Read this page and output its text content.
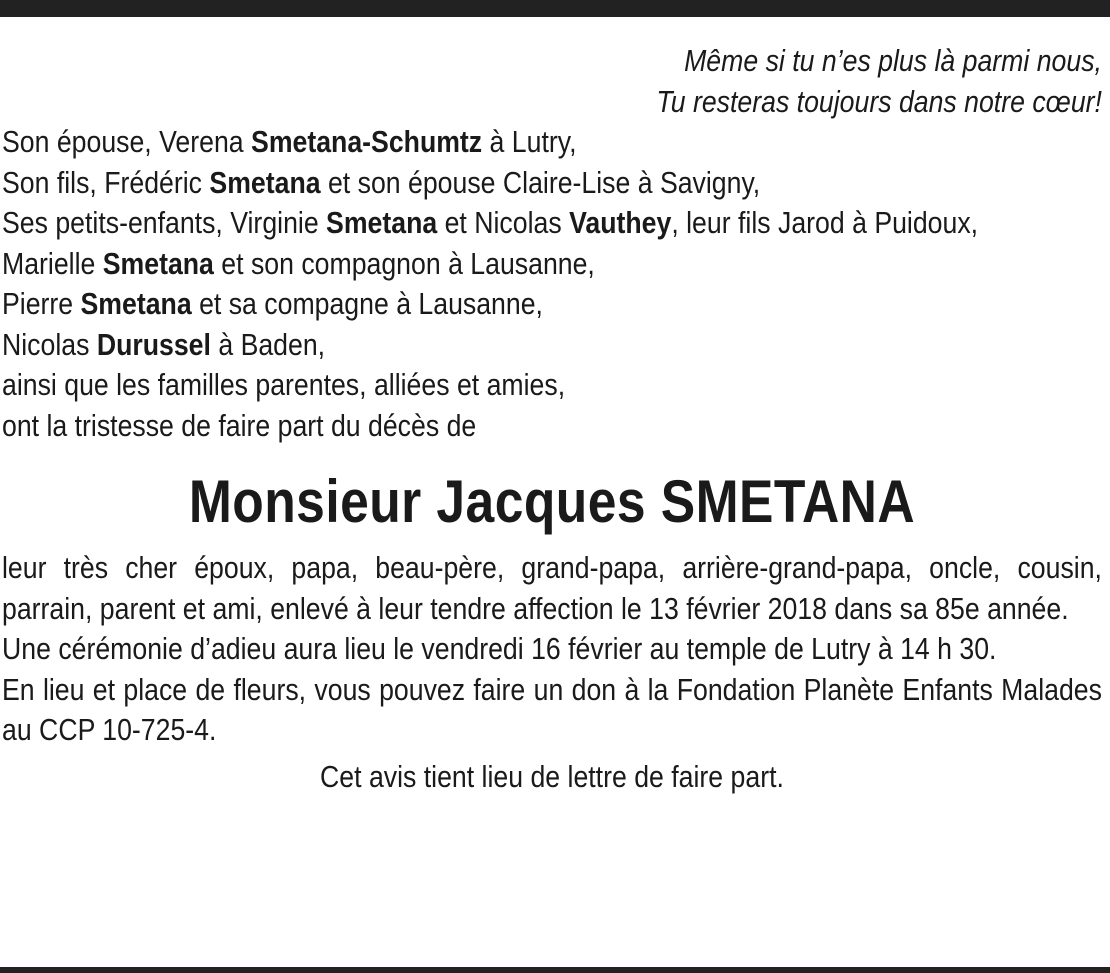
Même si tu n’es plus là parmi nous,
Tu resteras toujours dans notre cœur!
Son épouse, Verena Smetana-Schumtz à Lutry,
Son fils, Frédéric Smetana et son épouse Claire-Lise à Savigny,
Ses petits-enfants, Virginie Smetana et Nicolas Vauthey, leur fils Jarod à Puidoux,
Marielle Smetana et son compagnon à Lausanne,
Pierre Smetana et sa compagne à Lausanne,
Nicolas Durussel à Baden,
ainsi que les familles parentes, alliées et amies,
ont la tristesse de faire part du décès de
Monsieur Jacques SMETANA

leur très cher époux, papa, beau-père, grand-papa, arrière-grand-papa, oncle, cousin, parrain, parent et ami, enlevé à leur tendre affection le 13 février 2018 dans sa 85e année.

Une cérémonie d’adieu aura lieu le vendredi 16 février au temple de Lutry à 14 h 30.

En lieu et place de fleurs, vous pouvez faire un don à la Fondation Planète Enfants Malades au CCP 10-725-4.

Cet avis tient lieu de lettre de faire part.
